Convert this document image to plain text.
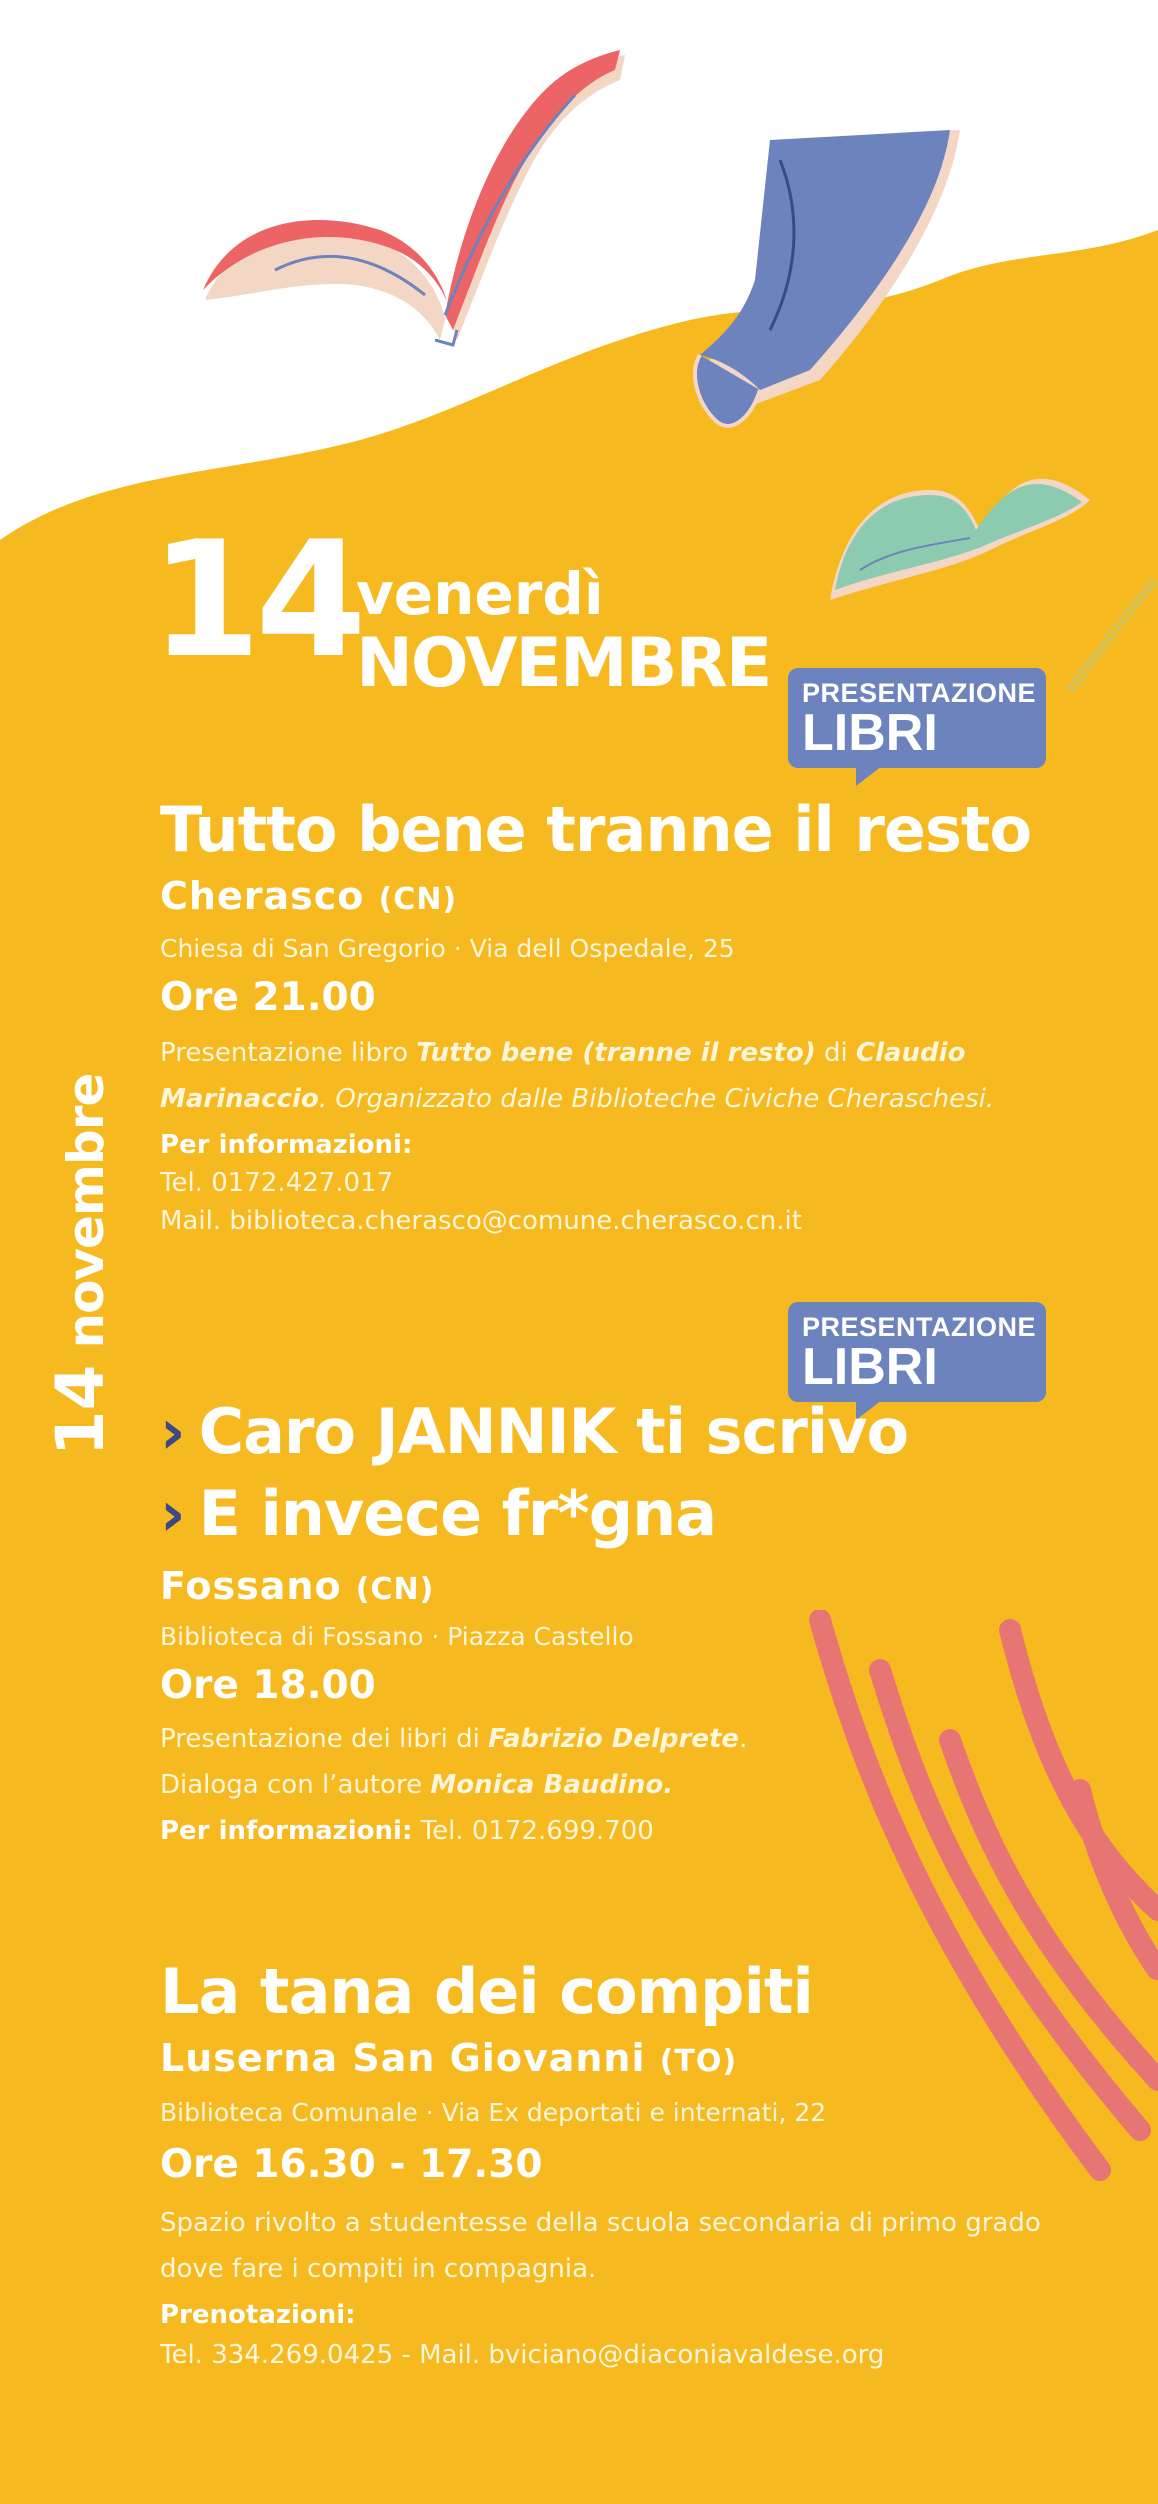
14
novembre
14
venerdì
NOVEMBRE PRESENTAZIONE
LIBRI
Tutto bene tranne il resto
Cherasco (CN)
Chiesa di San Gregorio · Via dell Ospedale, 25
Ore 21.00
Presentazione libro Tutto bene (tranne il resto) di Claudio Marinaccio. Organizzato dalle Biblioteche Civiche Cheraschesi.
Per informazioni:
Tel. 0172.427.017
Mail. biblioteca.cherasco@comune.cherasco.cn.it
PRESENTAZIONE
LIBRI
› Caro JANNIK ti scrivo
› E invece fr*gna
Fossano (CN)
Biblioteca di Fossano · Piazza Castello
Ore 18.00
Presentazione dei libri di Fabrizio Delprete.
Dialoga con l’autore Monica Baudino.
Per informazioni: Tel. 0172.699.700
La tana dei compiti
Luserna San Giovanni (TO)
Biblioteca Comunale · Via Ex deportati e internati, 22
Ore 16.30 - 17.30
Spazio rivolto a studentesse della scuola secondaria di primo grado dove fare i compiti in compagnia.
Prenotazioni:
Tel. 334.269.0425 - Mail. bviciano@diaconiavaldese.org
